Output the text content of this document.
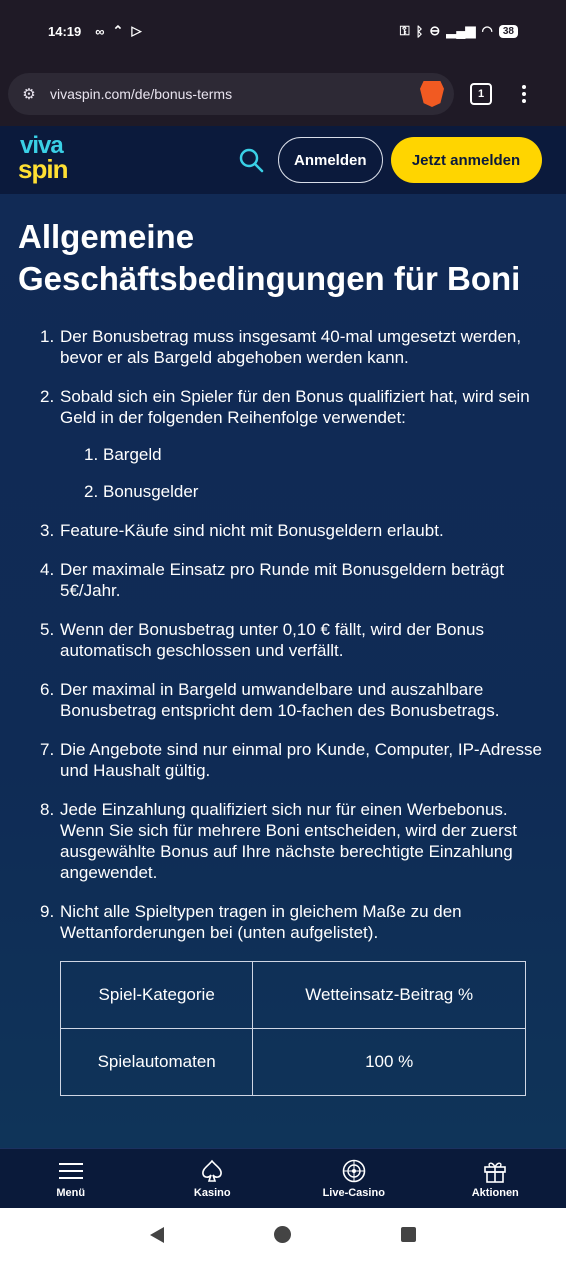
14:19 ∞ ⌃ ▷	⚿ ᛒ ⊖ ▂▄▆ ◠	38
⚙	vivaspin.com/de/bonus-terms	1
viva
spin	Anmelden	Jetzt anmelden
Allgemeine Geschäftsbedingungen für Boni
1. Der Bonusbetrag muss insgesamt 40-mal umgesetzt werden, bevor er als Bargeld abgehoben werden kann.
2. Sobald sich ein Spieler für den Bonus qualifiziert hat, wird sein Geld in der folgenden Reihenfolge verwendet:
1. Bargeld
2. Bonusgelder
3. Feature-Käufe sind nicht mit Bonusgeldern erlaubt.
4. Der maximale Einsatz pro Runde mit Bonusgeldern beträgt 5€/Jahr.
5. Wenn der Bonusbetrag unter 0,10 € fällt, wird der Bonus automatisch geschlossen und verfällt.
6. Der maximal in Bargeld umwandelbare und auszahlbare Bonusbetrag entspricht dem 10-fachen des Bonusbetrags.
7. Die Angebote sind nur einmal pro Kunde, Computer, IP-Adresse und Haushalt gültig.
8. Jede Einzahlung qualifiziert sich nur für einen Werbebonus. Wenn Sie sich für mehrere Boni entscheiden, wird der zuerst ausgewählte Bonus auf Ihre nächste berechtigte Einzahlung angewendet.
9. Nicht alle Spieltypen tragen in gleichem Maße zu den Wettanforderungen bei (unten aufgelistet).
Spiel-Kategorie	Wetteinsatz-Beitrag %
Spielautomaten	100 %
Menü	Kasino	Live-Casino	Aktionen
